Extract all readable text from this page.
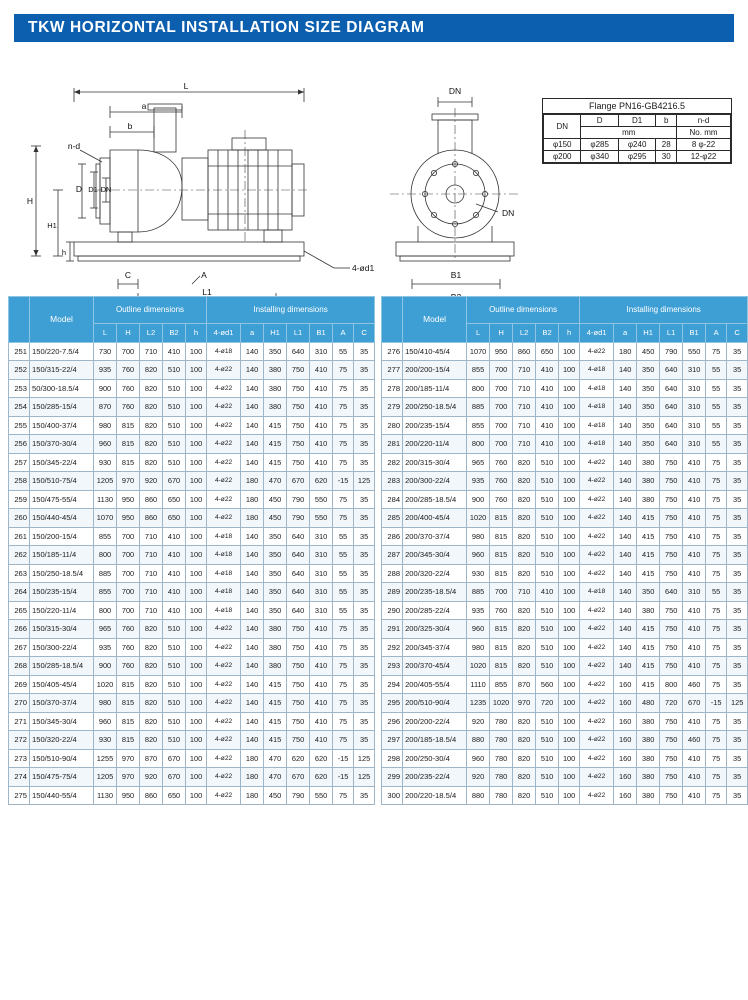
TKW HORIZONTAL INSTALLATION SIZE DIAGRAM
L
a
b
n-d
D D1 DN
H
H1
h
C	A
L1
4-ød1
DN
DN
B1
Flange PN16-GB4216.5
DN	D	D1	b	n-d
	mm			No. mm
φ150	φ285	φ240	28	8 φ-22
φ200	φ340	φ295	30	12-φ22
	Model	Outline dimensions					Installing dimensions						
		L	H	L2	B2	h	4-ød1	a	H1	L1	B1	A	C
251	150/220-7.5/4	730	700	710	410	100	4-ø18	140	350	640	310	55	35
252	150/315-22/4	935	760	820	510	100	4-ø22	140	380	750	410	75	35
253	50/300-18.5/4	900	760	820	510	100	4-ø22	140	380	750	410	75	35
254	150/285-15/4	870	760	820	510	100	4-ø22	140	380	750	410	75	35
255	150/400-37/4	980	815	820	510	100	4-ø22	140	415	750	410	75	35
256	150/370-30/4	960	815	820	510	100	4-ø22	140	415	750	410	75	35
257	150/345-22/4	930	815	820	510	100	4-ø22	140	415	750	410	75	35
258	150/510-75/4	1205	970	920	670	100	4-ø22	180	470	670	620	-15	125
259	150/475-55/4	1130	950	860	650	100	4-ø22	180	450	790	550	75	35
260	150/440-45/4	1070	950	860	650	100	4-ø22	180	450	790	550	75	35
261	150/200-15/4	855	700	710	410	100	4-ø18	140	350	640	310	55	35
262	150/185-11/4	800	700	710	410	100	4-ø18	140	350	640	310	55	35
263	150/250-18.5/4	885	700	710	410	100	4-ø18	140	350	640	310	55	35
264	150/235-15/4	855	700	710	410	100	4-ø18	140	350	640	310	55	35
265	150/220-11/4	800	700	710	410	100	4-ø18	140	350	640	310	55	35
266	150/315-30/4	965	760	820	510	100	4-ø22	140	380	750	410	75	35
267	150/300-22/4	935	760	820	510	100	4-ø22	140	380	750	410	75	35
268	150/285-18.5/4	900	760	820	510	100	4-ø22	140	380	750	410	75	35
269	150/405-45/4	1020	815	820	510	100	4-ø22	140	415	750	410	75	35
270	150/370-37/4	980	815	820	510	100	4-ø22	140	415	750	410	75	35
271	150/345-30/4	960	815	820	510	100	4-ø22	140	415	750	410	75	35
272	150/320-22/4	930	815	820	510	100	4-ø22	140	415	750	410	75	35
273	150/510-90/4	1255	970	870	670	100	4-ø22	180	470	620	620	-15	125
274	150/475-75/4	1205	970	920	670	100	4-ø22	180	470	670	620	-15	125
275	150/440-55/4	1130	950	860	650	100	4-ø22	180	450	790	550	75	35
	Model	Outline dimensions					Installing dimensions						
		L	H	L2	B2	h	4-ød1	a	H1	L1	B1	A	C
276	150/410-45/4	1070	950	860	650	100	4-ø22	180	450	790	550	75	35
277	200/200-15/4	855	700	710	410	100	4-ø18	140	350	640	310	55	35
278	200/185-11/4	800	700	710	410	100	4-ø18	140	350	640	310	55	35
279	200/250-18.5/4	885	700	710	410	100	4-ø18	140	350	640	310	55	35
280	200/235-15/4	855	700	710	410	100	4-ø18	140	350	640	310	55	35
281	200/220-11/4	800	700	710	410	100	4-ø18	140	350	640	310	55	35
282	200/315-30/4	965	760	820	510	100	4-ø22	140	380	750	410	75	35
283	200/300-22/4	935	760	820	510	100	4-ø22	140	380	750	410	75	35
284	200/285-18.5/4	900	760	820	510	100	4-ø22	140	380	750	410	75	35
285	200/400-45/4	1020	815	820	510	100	4-ø22	140	415	750	410	75	35
286	200/370-37/4	980	815	820	510	100	4-ø22	140	415	750	410	75	35
287	200/345-30/4	960	815	820	510	100	4-ø22	140	415	750	410	75	35
288	200/320-22/4	930	815	820	510	100	4-ø22	140	415	750	410	75	35
289	200/235-18.5/4	885	700	710	410	100	4-ø18	140	350	640	310	55	35
290	200/285-22/4	935	760	820	510	100	4-ø22	140	380	750	410	75	35
291	200/325-30/4	960	815	820	510	100	4-ø22	140	415	750	410	75	35
292	200/345-37/4	980	815	820	510	100	4-ø22	140	415	750	410	75	35
293	200/370-45/4	1020	815	820	510	100	4-ø22	140	415	750	410	75	35
294	200/405-55/4	1110	855	870	560	100	4-ø22	160	415	800	460	75	35
295	200/510-90/4	1235	1020	970	720	100	4-ø22	160	480	720	670	-15	125
296	200/200-22/4	920	780	820	510	100	4-ø22	160	380	750	410	75	35
297	200/185-18.5/4	880	780	820	510	100	4-ø22	160	380	750	460	75	35
298	200/250-30/4	960	780	820	510	100	4-ø22	160	380	750	410	75	35
299	200/235-22/4	920	780	820	510	100	4-ø22	160	380	750	410	75	35
300	200/220-18.5/4	880	780	820	510	100	4-ø22	160	380	750	410	75	35
